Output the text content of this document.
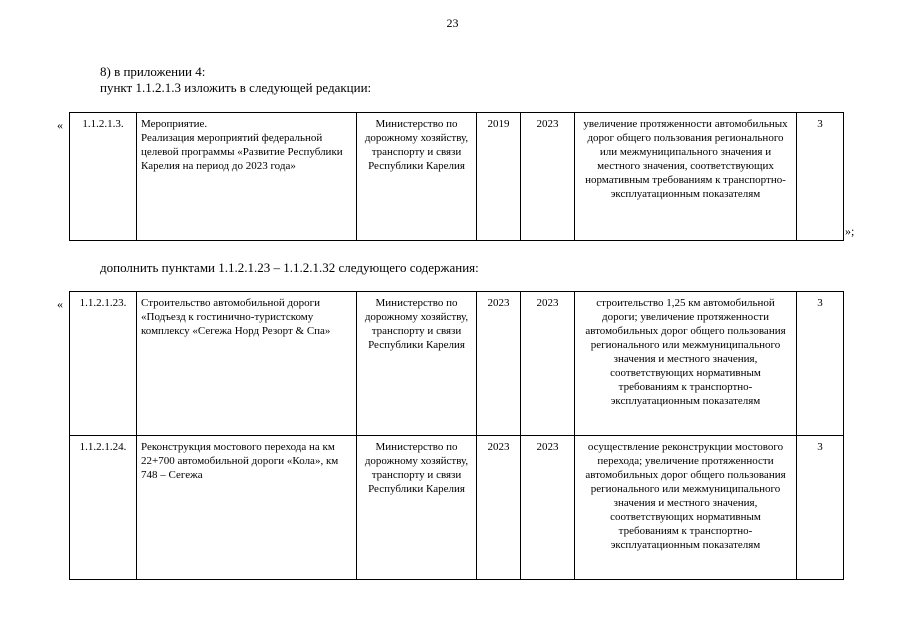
23

8) в приложении 4:

пункт 1.1.2.1.3 изложить в следующей редакции:

« 1.1.2.1.3.	Мероприятие.
Реализация мероприятий федеральной целевой программы «Развитие Республики Карелия на период до 2023 года»	Министерство по дорожному хозяйству, транспорту и связи Республики Карелия	2019	2023	увеличение протяженности автомобильных дорог общего пользования регионального или межмуниципального значения и местного значения, соответствующих нормативным требованиям к транспортно-эксплуатационным показателям	3
»;

дополнить пунктами 1.1.2.1.23 – 1.1.2.1.32 следующего содержания:

« 1.1.2.1.23.	Строительство автомобильной дороги «Подъезд к гостинично-туристскому комплексу «Сегежа Норд Резорт & Спа»	Министерство по дорожному хозяйству, транспорту и связи Республики Карелия	2023	2023	строительство 1,25 км автомобильной дороги; увеличение протяженности автомобильных дорог общего пользования регионального или межмуниципального значения и местного значения, соответствующих нормативным требованиям к транспортно-эксплуатационным показателям	3
1.1.2.1.24.	Реконструкция мостового перехода на км 22+700 автомобильной дороги «Кола», км 748 – Сегежа	Министерство по дорожному хозяйству, транспорту и связи Республики Карелия	2023	2023	осуществление реконструкции мостового перехода; увеличение протяженности автомобильных дорог общего пользования регионального или межмуниципального значения и местного значения, соответствующих нормативным требованиям к транспортно-эксплуатационным показателям	3
